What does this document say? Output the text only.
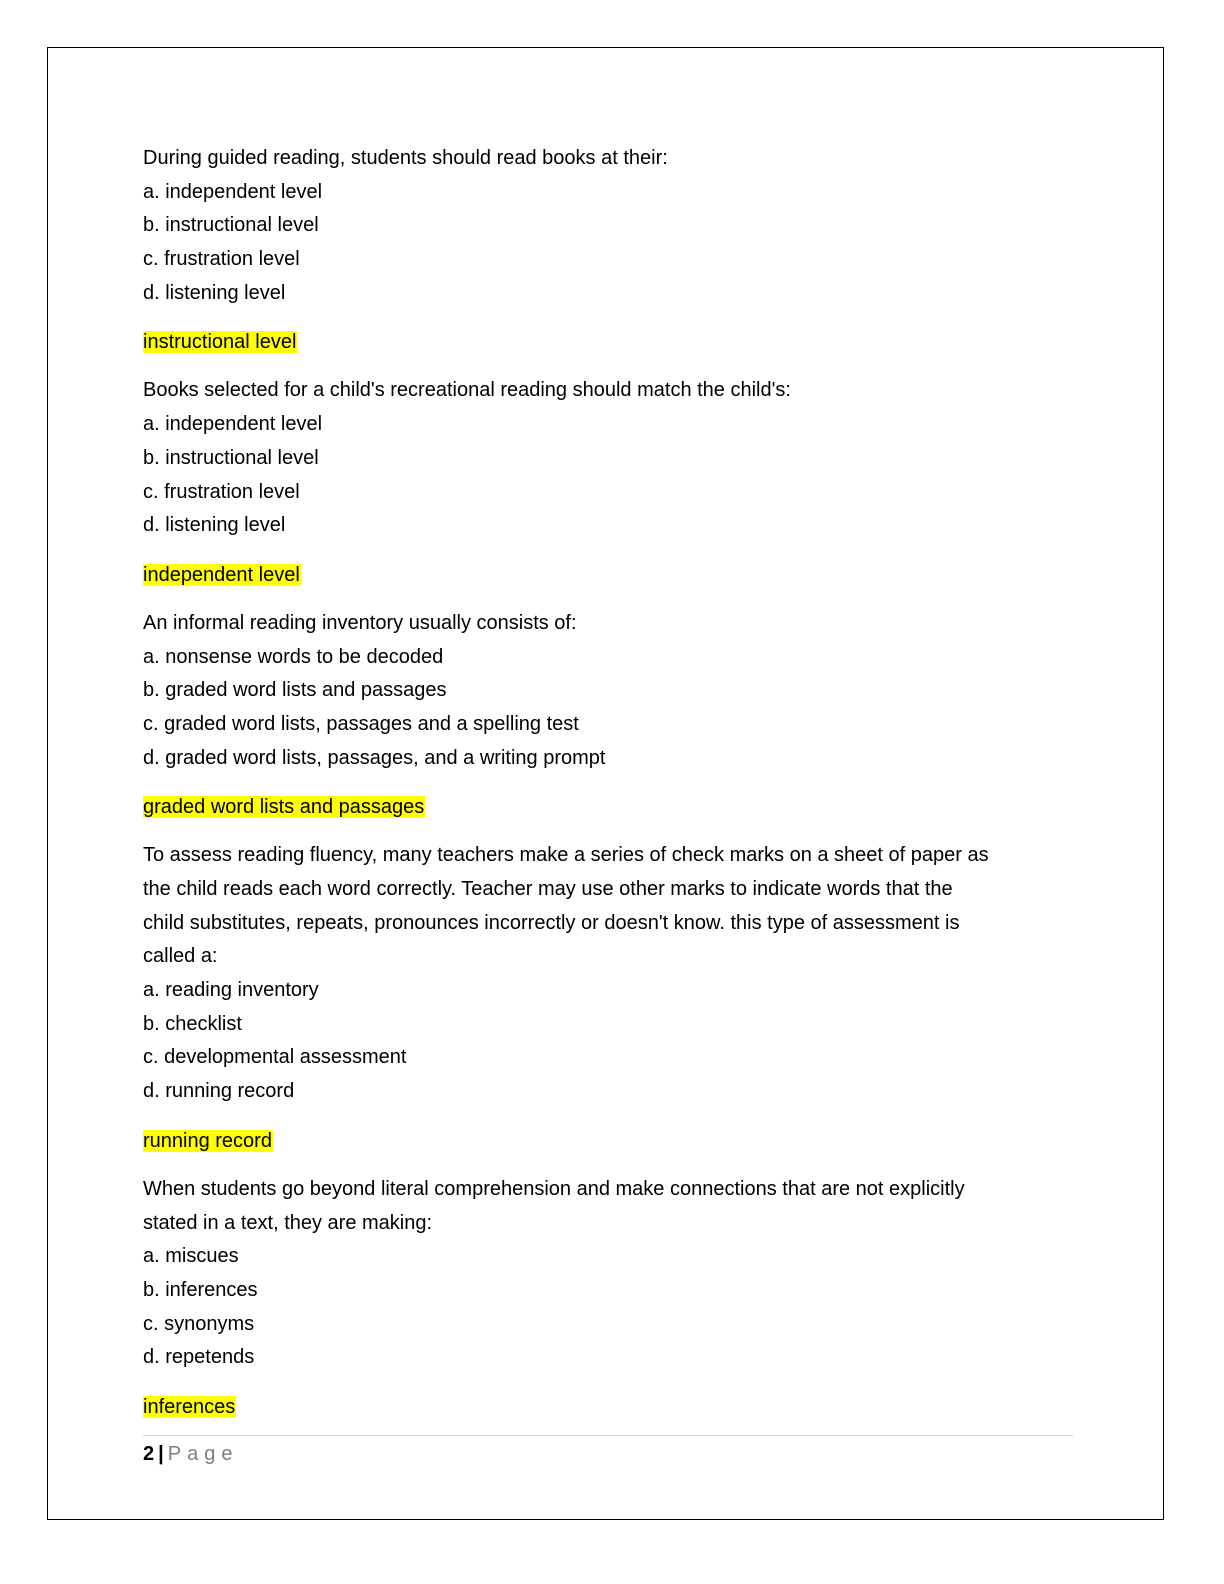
During guided reading, students should read books at their:
a. independent level
b. instructional level
c. frustration level
d. listening level
instructional level
Books selected for a child's recreational reading should match the child's:
a. independent level
b. instructional level
c. frustration level
d. listening level
independent level
An informal reading inventory usually consists of:
a. nonsense words to be decoded
b. graded word lists and passages
c. graded word lists, passages and a spelling test
d. graded word lists, passages, and a writing prompt
graded word lists and passages
To assess reading fluency, many teachers make a series of check marks on a sheet of paper as
the child reads each word correctly. Teacher may use other marks to indicate words that the
child substitutes, repeats, pronounces incorrectly or doesn't know. this type of assessment is
called a:
a. reading inventory
b. checklist
c. developmental assessment
d. running record
running record
When students go beyond literal comprehension and make connections that are not explicitly
stated in a text, they are making:
a. miscues
b. inferences
c. synonyms
d. repetends
inferences
2 | Page
